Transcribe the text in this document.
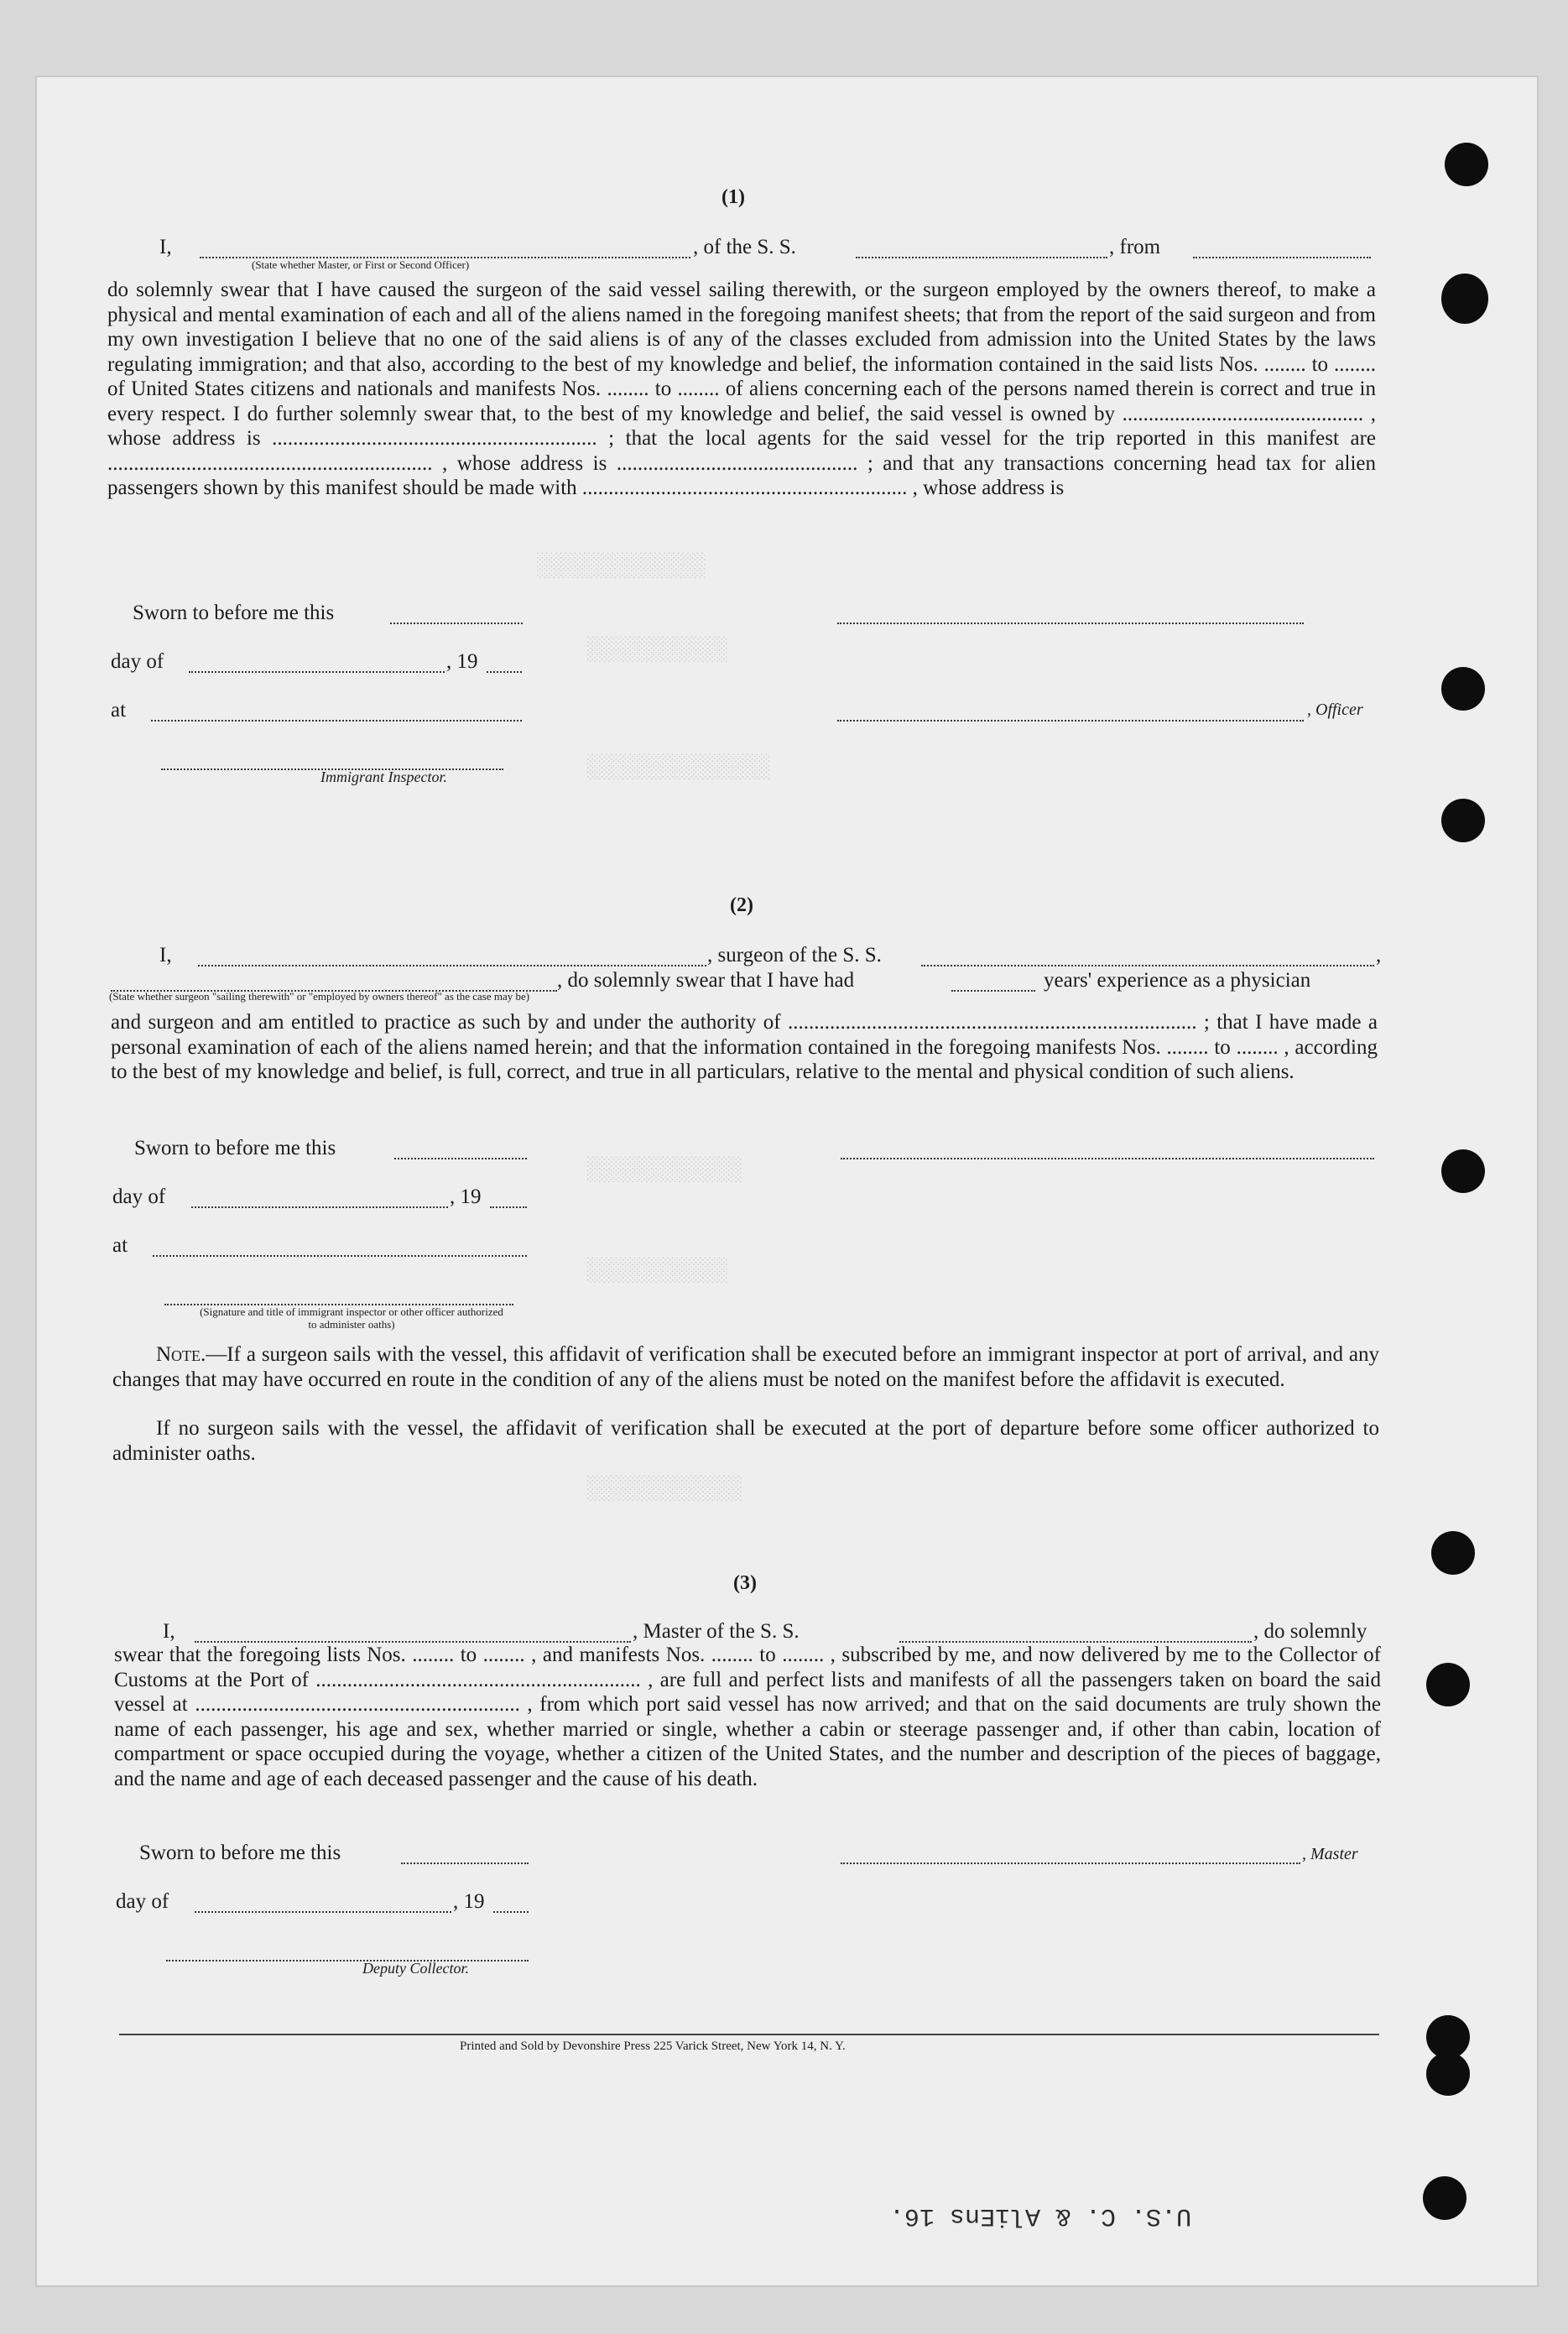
░░░░░░░░░░░░
░░░░░░░░░░
░░░░░░░░░░░░░
░░░░░░░░░░░
░░░░░░░░░░
░░░░░░░░░░░
(1)
I,	, of the S. S.	, from
(State whether Master, or First or Second Officer)
do solemnly swear that I have caused the surgeon of the said vessel sailing therewith, or the surgeon employed by the owners thereof, to make a physical and mental examination of each and all of the aliens named in the foregoing manifest sheets; that from the report of the said surgeon and from my own investigation I believe that no one of the said aliens is of any of the classes excluded from admission into the United States by the laws regulating immigration; and that also, according to the best of my knowledge and belief, the information contained in the said lists Nos. ........ to ........ of United States citizens and nationals and manifests Nos. ........ to ........ of aliens concerning each of the persons named therein is correct and true in every respect. I do further solemnly swear that, to the best of my knowledge and belief, the said vessel is owned by .............................................. , whose address is .............................................................. ; that the local agents for the said vessel for the trip reported in this manifest are .............................................................. , whose address is .............................................. ; and that any transactions concerning head tax for alien passengers shown by this manifest should be made with .............................................................. , whose address is
Sworn to before me this
day of	, 19
at	, Officer
Immigrant Inspector.
(2)
I,	, surgeon of the S. S.	,
, do solemnly swear that I have had	years' experience as a physician
(State whether surgeon "sailing therewith" or "employed by owners thereof" as the case may be)
and surgeon and am entitled to practice as such by and under the authority of .............................................................................. ; that I have made a personal examination of each of the aliens named herein; and that the information contained in the foregoing manifests Nos. ........ to ........ , according to the best of my knowledge and belief, is full, correct, and true in all particulars, relative to the mental and physical condition of such aliens.
Sworn to before me this
day of	, 19
at
(Signature and title of immigrant inspector or other officer authorized to administer oaths)
Note.—If a surgeon sails with the vessel, this affidavit of verification shall be executed before an immigrant inspector at port of arrival, and any changes that may have occurred en route in the condition of any of the aliens must be noted on the manifest before the affidavit is executed.
If no surgeon sails with the vessel, the affidavit of verification shall be executed at the port of departure before some officer authorized to administer oaths.
(3)
I,	, Master of the S. S.	, do solemnly
swear that the foregoing lists Nos. ........ to ........ , and manifests Nos. ........ to ........ , subscribed by me, and now delivered by me to the Collector of Customs at the Port of .............................................................. , are full and perfect lists and manifests of all the passengers taken on board the said vessel at .............................................................. , from which port said vessel has now arrived; and that on the said documents are truly shown the name of each passenger, his age and sex, whether married or single, whether a cabin or steerage passenger and, if other than cabin, location of compartment or space occupied during the voyage, whether a citizen of the United States, and the number and description of the pieces of baggage, and the name and age of each deceased passenger and the cause of his death.
Sworn to before me this	, Master
day of	, 19
Deputy Collector.
Printed and Sold by Devonshire Press 225 Varick Street, New York 14, N. Y.
U.S. C. & AliEns 16.
